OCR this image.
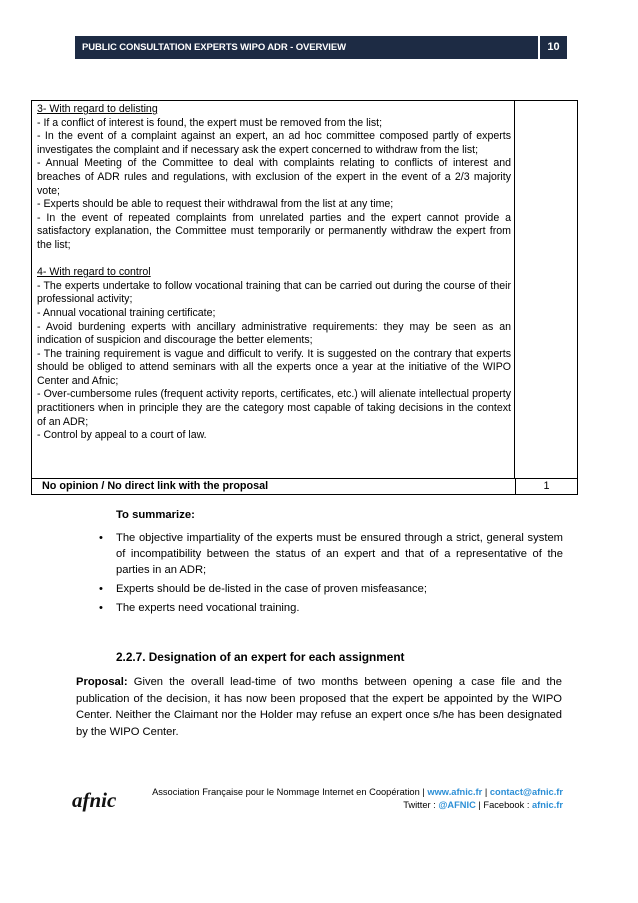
PUBLIC CONSULTATION EXPERTS WIPO ADR - OVERVIEW	10

3- With regard to delisting

- If a conflict of interest is found, the expert must be removed from the list;

- In the event of a complaint against an expert, an ad hoc committee composed partly of experts investigates the complaint and if necessary ask the expert concerned to withdraw from the list;

- Annual Meeting of the Committee to deal with complaints relating to conflicts of interest and breaches of ADR rules and regulations, with exclusion of the expert in the event of a 2/3 majority vote;

- Experts should be able to request their withdrawal from the list at any time;

- In the event of repeated complaints from unrelated parties and the expert cannot provide a satisfactory explanation, the Committee must temporarily or permanently withdraw the expert from the list;

4- With regard to control

- The experts undertake to follow vocational training that can be carried out during the course of their professional activity;

- Annual vocational training certificate;

- Avoid burdening experts with ancillary administrative requirements: they may be seen as an indication of suspicion and discourage the better elements;

- The training requirement is vague and difficult to verify. It is suggested on the contrary that experts should be obliged to attend seminars with all the experts once a year at the initiative of the WIPO Center and Afnic;

- Over-cumbersome rules (frequent activity reports, certificates, etc.) will alienate intellectual property practitioners when in principle they are the category most capable of taking decisions in the context of an ADR;

- Control by appeal to a court of law.

No opinion / No direct link with the proposal	1
To summarize:
• The objective impartiality of the experts must be ensured through a strict, general system of incompatibility between the status of an expert and that of a representative of the parties in an ADR;
• Experts should be de-listed in the case of proven misfeasance;
• The experts need vocational training.
2.2.7. Designation of an expert for each assignment
Proposal: Given the overall lead-time of two months between opening a case file and the publication of the decision, it has now been proposed that the expert be appointed by the WIPO Center. Neither the Claimant nor the Holder may refuse an expert once s/he has been designated by the WIPO Center.
afnic	Association Française pour le Nommage Internet en Coopération | www.afnic.fr | contact@afnic.fr
Twitter : @AFNIC | Facebook : afnic.fr
